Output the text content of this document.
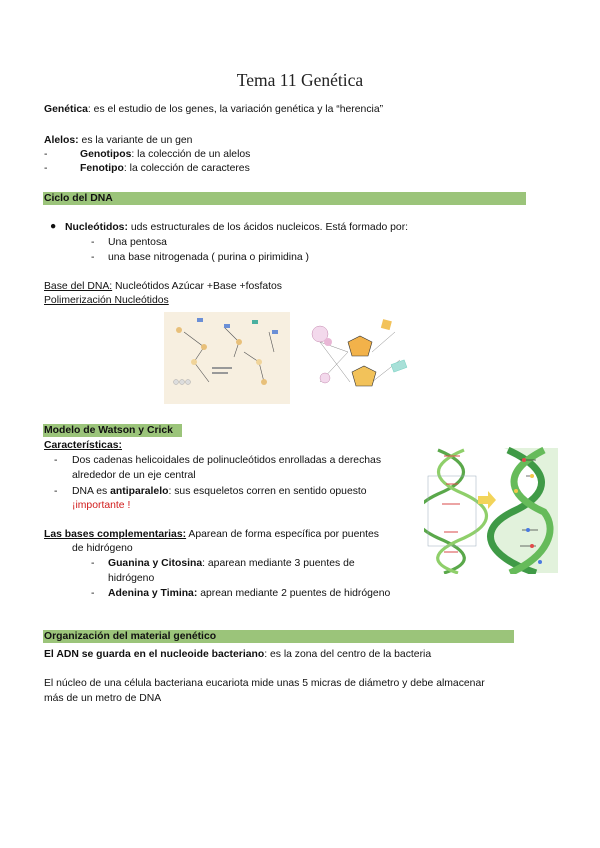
Tema 11 Genética
Genética: es el estudio de los genes, la variación genética y la “herencia”
Alelos: es la variante de un gen
-	Genotipos: la colección de un alelos
-	Fenotipo: la colección de caracteres
Ciclo del DNA
● Nucleótidos: uds estructurales de los ácidos nucleicos. Está formado por:
- Una pentosa
- una base nitrogenada ( purina o pirimidina )
Base del DNA: Nucleótidos Azúcar +Base +fosfatos
Polimerización Nucleótidos
Modelo de Watson y Crick
Características:
- Dos cadenas helicoidales de polinucleótidos enrolladas a derechas
alrededor de un eje central
- DNA es antiparalelo: sus esqueletos corren en sentido opuesto
¡importante !
Las bases complementarias: Aparean de forma específica por puentes
de hidrógeno
- Guanina y Citosina: aparean mediante 3 puentes de
hidrógeno
- Adenina y Timina: aprean mediante 2 puentes de hidrógeno
Organización del material genético
El ADN se guarda en el nucleoide bacteriano: es la zona del centro de la bacteria
El núcleo de una célula bacteriana eucariota mide unas 5 micras de diámetro y debe almacenar
más de un metro de DNA
